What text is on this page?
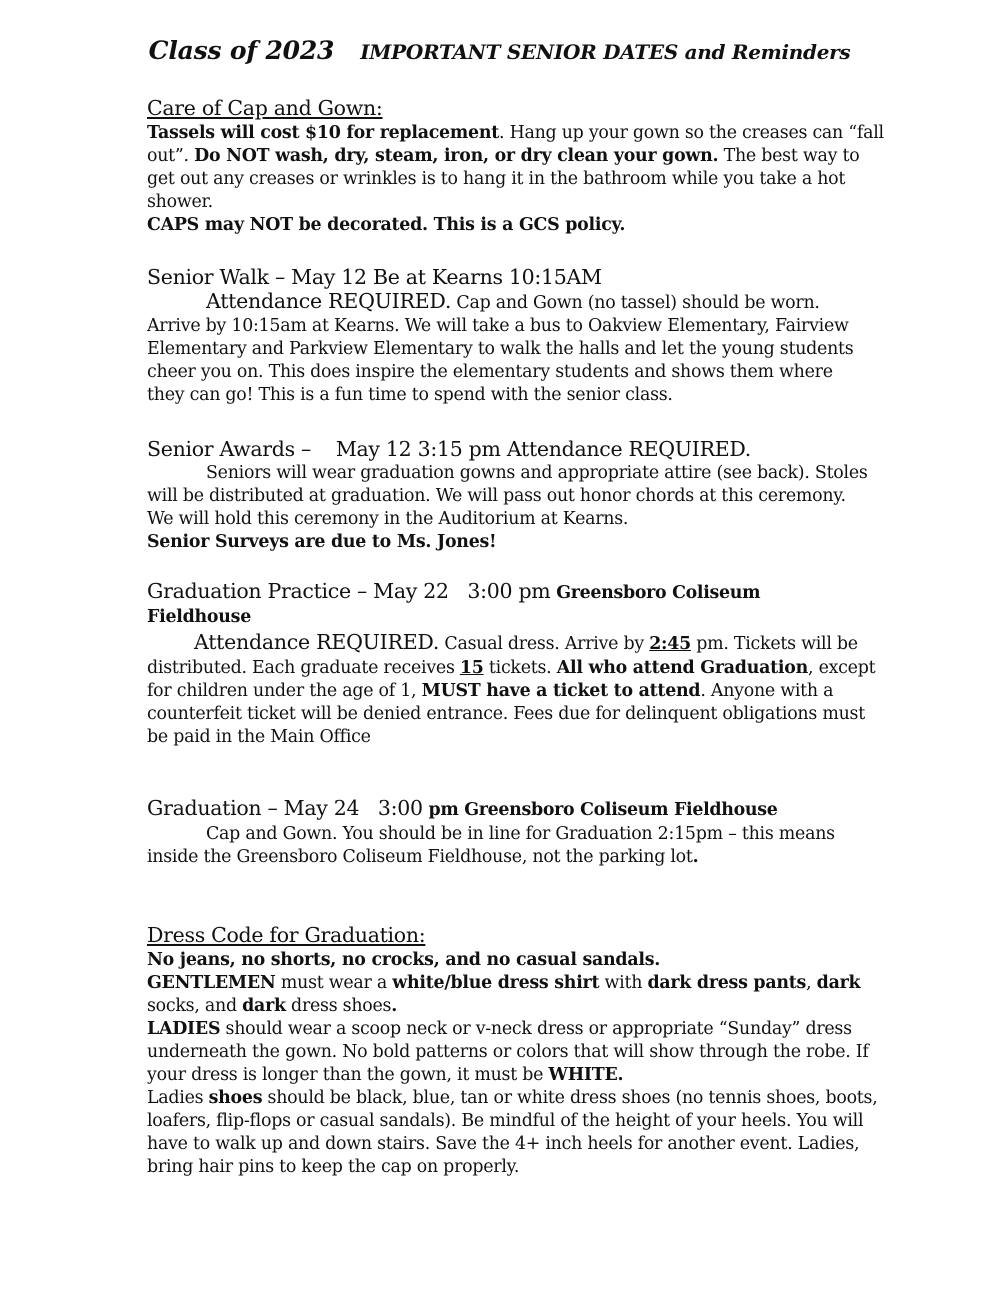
Class of 2023 IMPORTANT SENIOR DATES and Reminders
Care of Cap and Gown:
Tassels will cost $10 for replacement. Hang up your gown so the creases can “fall
out”. Do NOT wash, dry, steam, iron, or dry clean your gown. The best way to
get out any creases or wrinkles is to hang it in the bathroom while you take a hot
shower.
CAPS may NOT be decorated. This is a GCS policy.
Senior Walk – May 12 Be at Kearns 10:15AM
Attendance REQUIRED. Cap and Gown (no tassel) should be worn.
Arrive by 10:15am at Kearns. We will take a bus to Oakview Elementary, Fairview
Elementary and Parkview Elementary to walk the halls and let the young students
cheer you on. This does inspire the elementary students and shows them where
they can go! This is a fun time to spend with the senior class.
Senior Awards –    May 12 3:15 pm Attendance REQUIRED.
Seniors will wear graduation gowns and appropriate attire (see back). Stoles
will be distributed at graduation. We will pass out honor chords at this ceremony.
We will hold this ceremony in the Auditorium at Kearns.
Senior Surveys are due to Ms. Jones!
Graduation Practice – May 22   3:00 pm Greensboro Coliseum
Fieldhouse
Attendance REQUIRED. Casual dress. Arrive by 2:45 pm. Tickets will be
distributed. Each graduate receives 15 tickets. All who attend Graduation, except
for children under the age of 1, MUST have a ticket to attend. Anyone with a
counterfeit ticket will be denied entrance. Fees due for delinquent obligations must
be paid in the Main Office
Graduation – May 24   3:00 pm Greensboro Coliseum Fieldhouse
Cap and Gown. You should be in line for Graduation 2:15pm – this means
inside the Greensboro Coliseum Fieldhouse, not the parking lot.
Dress Code for Graduation:
No jeans, no shorts, no crocks, and no casual sandals.
GENTLEMEN must wear a white/blue dress shirt with dark dress pants, dark
socks, and dark dress shoes.
LADIES should wear a scoop neck or v-neck dress or appropriate “Sunday” dress
underneath the gown. No bold patterns or colors that will show through the robe. If
your dress is longer than the gown, it must be WHITE.
Ladies shoes should be black, blue, tan or white dress shoes (no tennis shoes, boots,
loafers, flip-flops or casual sandals). Be mindful of the height of your heels. You will
have to walk up and down stairs. Save the 4+ inch heels for another event. Ladies,
bring hair pins to keep the cap on properly.
